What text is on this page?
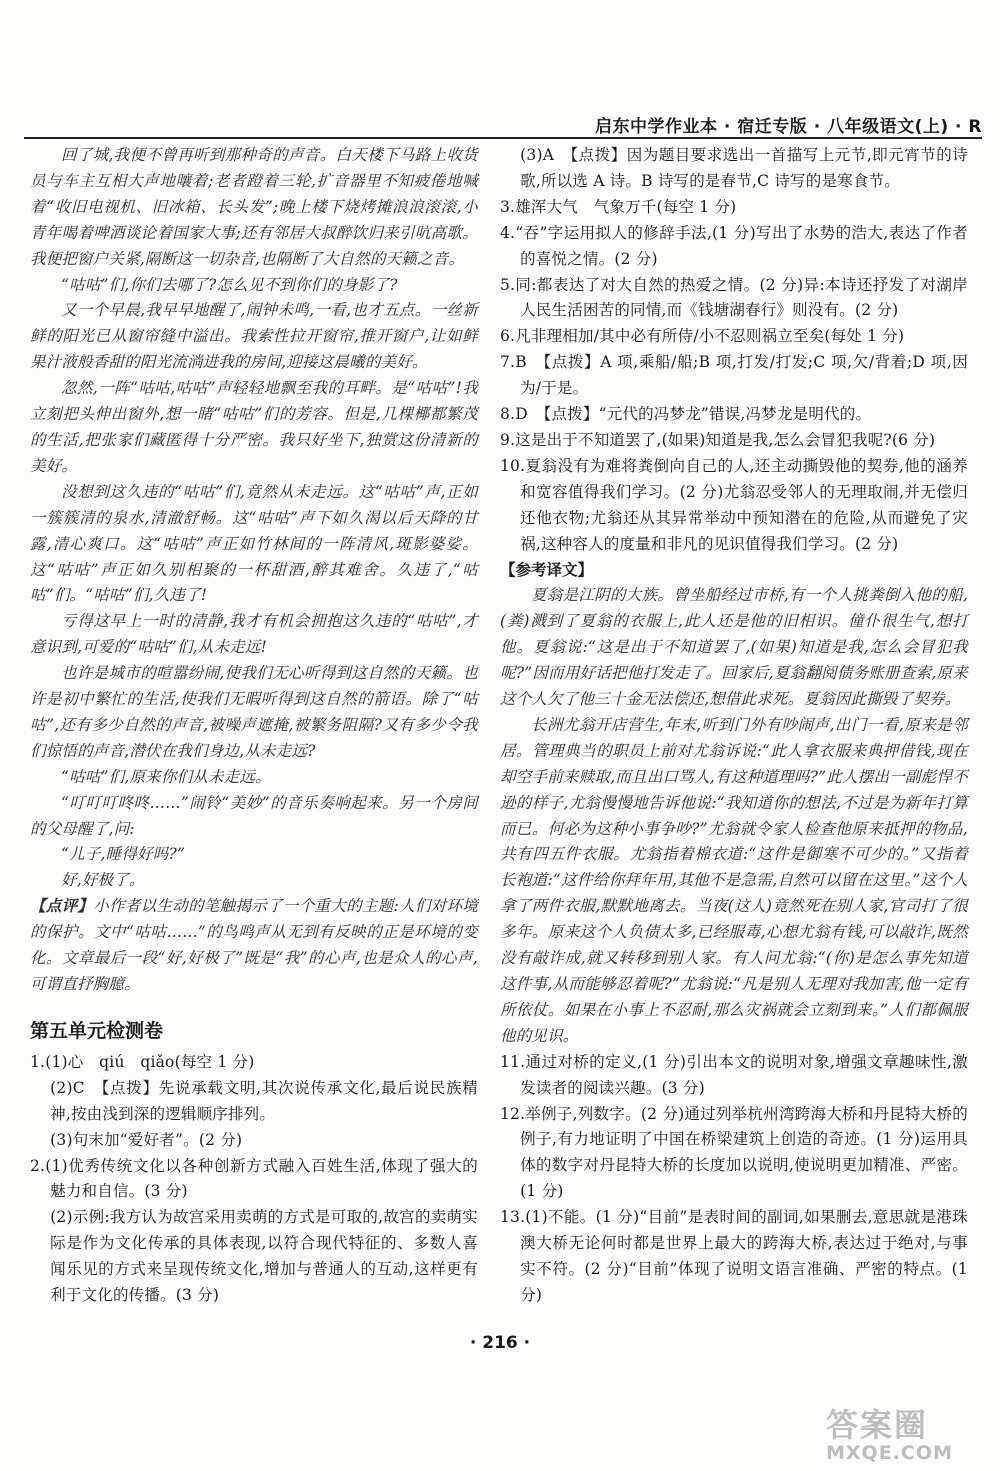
启东中学作业本 · 宿迁专版 · 八年级语文(上) · R

回了城,我便不曾再听到那种奇的声音。白天楼下马路上收货员与车主互相大声地嚷着;老者蹬着三轮,扩音器里不知疲倦地喊着“收旧电视机、旧冰箱、长头发”;晚上楼下烧烤摊浪浪滚滚,小青年喝着啤酒谈论着国家大事;还有邻居大叔醉饮归来引吭高歌。我便把窗户关紧,隔断这一切杂音,也隔断了大自然的天籁之音。

“咕咕”们,你们去哪了?怎么见不到你们的身影了?

又一个早晨,我早早地醒了,闹钟未鸣,一看,也才五点。一丝新鲜的阳光已从窗帘缝中溢出。我索性拉开窗帘,推开窗户,让如鲜果汁液般香甜的阳光流淌进我的房间,迎接这晨曦的美好。

忽然,一阵“咕咕,咕咕”声轻轻地飘至我的耳畔。是“咕咕”!我立刻把头伸出窗外,想一睹“咕咕”们的芳容。但是,几棵椰都繁茂的生活,把张家们藏匿得十分严密。我只好坐下,独赏这份清新的美好。

没想到这久违的“咕咕”们,竟然从未走远。这“咕咕”声,正如一簇簇清的泉水,清澈舒畅。这“咕咕”声下如久渴以后天降的甘露,清心爽口。这“咕咕”声正如竹林间的一阵清风,斑影婆娑。这“咕咕”声正如久别相聚的一杯甜酒,醉其难舍。久违了,“咕咕”们。“咕咕”们,久违了!

亏得这早上一时的清静,我才有机会拥抱这久违的“咕咕”,才意识到,可爱的“咕咕”们,从未走远!

也许是城市的喧嚣纷闹,使我们无心听得到这自然的天籁。也许是初中繁忙的生活,使我们无暇听得到这自然的箭语。除了“咕咕”,还有多少自然的声音,被噪声遮掩,被繁务阻隔?又有多少令我们惊悟的声音,潜伏在我们身边,从未走远?

“咕咕”们,原来你们从未走远。

“叮叮叮咚咚……”闹铃“美妙”的音乐奏响起来。另一个房间的父母醒了,问:

“儿子,睡得好吗?”

好,好极了。

【点评】小作者以生动的笔触揭示了一个重大的主题:人们对环境的保护。文中“咕咕……”的鸟鸣声从无到有反映的正是环境的变化。文章最后一段“好,好极了”既是“我”的心声,也是众人的心声,可谓直抒胸臆。

第五单元检测卷

1.(1)心　qiú　qiǎo(每空 1 分)

(2)C　【点拨】先说承载文明,其次说传承文化,最后说民族精神,按由浅到深的逻辑顺序排列。

(3)句末加“爱好者”。(2 分)

2.(1)优秀传统文化以各种创新方式融入百姓生活,体现了强大的魅力和自信。(3 分)

(2)示例:我方认为故宫采用卖萌的方式是可取的,故宫的卖萌实际是作为文化传承的具体表现,以符合现代特征的、多数人喜闻乐见的方式来呈现传统文化,增加与普通人的互动,这样更有利于文化的传播。(3 分)

(3)A　【点拨】因为题目要求选出一首描写上元节,即元宵节的诗歌,所以选 A 诗。B 诗写的是春节,C 诗写的是寒食节。

3.雄浑大气　气象万千(每空 1 分)

4.“吞”字运用拟人的修辞手法,(1 分)写出了水势的浩大,表达了作者的喜悦之情。(2 分)

5.同:都表达了对大自然的热爱之情。(2 分)异:本诗还抒发了对湖岸人民生活困苦的同情,而《钱塘湖春行》则没有。(2 分)

6.凡非理相加/其中必有所侍/小不忍则祸立至矣(每处 1 分)

7.B　【点拨】A 项,乘船/船;B 项,打发/打发;C 项,欠/背着;D 项,因为/于是。

8.D　【点拨】“元代的冯梦龙”错误,冯梦龙是明代的。

9.这是出于不知道罢了,(如果)知道是我,怎么会冒犯我呢?(6 分)

10.夏翁没有为难将粪倒向自己的人,还主动撕毁他的契券,他的涵养和宽容值得我们学习。(2 分)尤翁忍受邻人的无理取闹,并无偿归还他衣物;尤翁还从其异常举动中预知潜在的危险,从而避免了灾祸,这种容人的度量和非凡的见识值得我们学习。(2 分)

【参考译文】

夏翁是江阴的大族。曾坐船经过市桥,有一个人挑粪倒入他的船,(粪)溅到了夏翁的衣服上,此人还是他的旧相识。僮仆很生气,想打他。夏翁说:“这是出于不知道罢了,(如果)知道是我,怎么会冒犯我呢?”因而用好话把他打发走了。回家后,夏翁翻阅债务账册查索,原来这个人欠了他三十金无法偿还,想借此求死。夏翁因此撕毁了契券。

长洲尤翁开店营生,年末,听到门外有吵闹声,出门一看,原来是邻居。管理典当的职员上前对尤翁诉说:“此人拿衣服来典押借钱,现在却空手前来赎取,而且出口骂人,有这种道理吗?”此人摆出一副彪悍不逊的样子,尤翁慢慢地告诉他说:“我知道你的想法,不过是为新年打算而已。何必为这种小事争吵?”尤翁就令家人检查他原来抵押的物品,共有四五件衣服。尤翁指着棉衣道:“这件是御寒不可少的。”又指着长袍道:“这件给你拜年用,其他不是急需,自然可以留在这里。”这个人拿了两件衣服,默默地离去。当夜(这人)竟然死在别人家,官司打了很多年。原来这个人负债太多,已经服毒,心想尤翁有钱,可以敲诈,既然没有敲诈成,就又转移到别人家。有人问尤翁:“(你)是怎么事先知道这件事,从而能够忍着呢?”尤翁说:“凡是别人无理对我加害,他一定有所依仗。如果在小事上不忍耐,那么灾祸就会立刻到来。”人们都佩服他的见识。

11.通过对桥的定义,(1 分)引出本文的说明对象,增强文章趣味性,激发读者的阅读兴趣。(3 分)

12.举例子,列数字。(2 分)通过列举杭州湾跨海大桥和丹昆特大桥的例子,有力地证明了中国在桥梁建筑上创造的奇迹。(1 分)运用具体的数字对丹昆特大桥的长度加以说明,使说明更加精准、严密。(1 分)

13.(1)不能。(1 分)“目前”是表时间的副词,如果删去,意思就是港珠澳大桥无论何时都是世界上最大的跨海大桥,表达过于绝对,与事实不符。(2 分)“目前”体现了说明文语言准确、严密的特点。(1 分)

· 216 ·
答案圈
MXQE.COM
